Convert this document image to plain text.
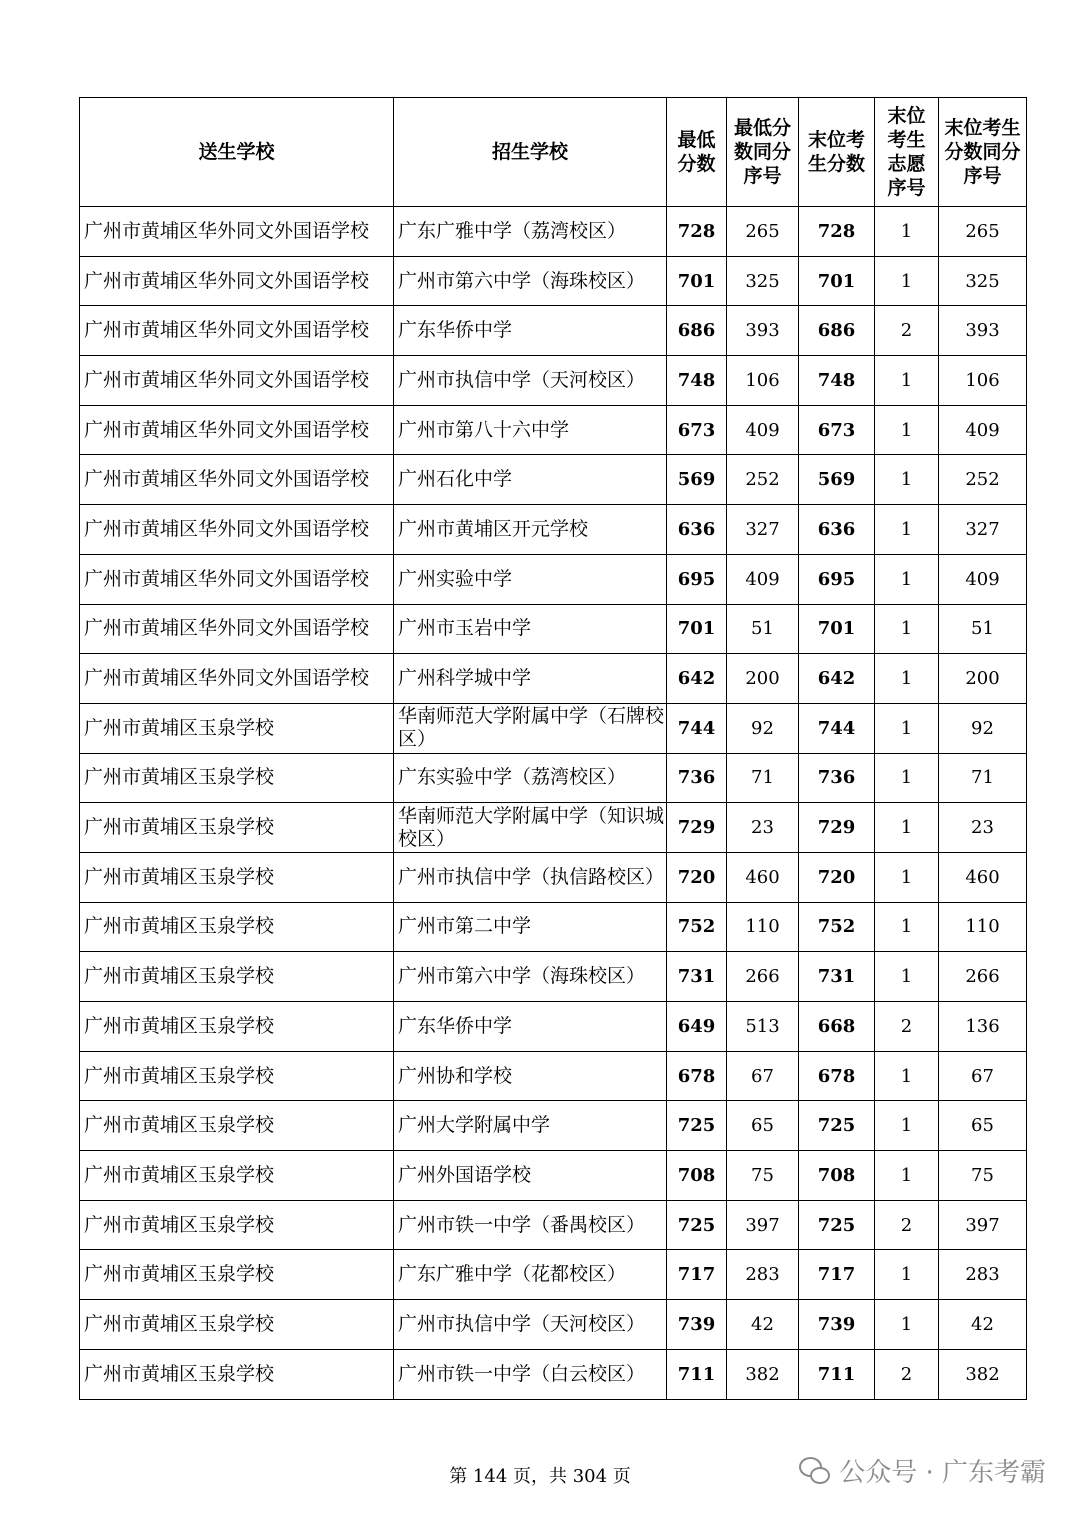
送生学校	招生学校	最低分数	最低分数同分序号	末位考生分数	末位考生志愿序号	末位考生分数同分序号

广州市黄埔区华外同文外国语学校	广东广雅中学（荔湾校区）	728	265	728	1	265
广州市黄埔区华外同文外国语学校	广州市第六中学（海珠校区）	701	325	701	1	325
广州市黄埔区华外同文外国语学校	广东华侨中学	686	393	686	2	393
广州市黄埔区华外同文外国语学校	广州市执信中学（天河校区）	748	106	748	1	106
广州市黄埔区华外同文外国语学校	广州市第八十六中学	673	409	673	1	409
广州市黄埔区华外同文外国语学校	广州石化中学	569	252	569	1	252
广州市黄埔区华外同文外国语学校	广州市黄埔区开元学校	636	327	636	1	327
广州市黄埔区华外同文外国语学校	广州实验中学	695	409	695	1	409
广州市黄埔区华外同文外国语学校	广州市玉岩中学	701	51	701	1	51
广州市黄埔区华外同文外国语学校	广州科学城中学	642	200	642	1	200
广州市黄埔区玉泉学校	华南师范大学附属中学（石牌校区）	744	92	744	1	92
广州市黄埔区玉泉学校	广东实验中学（荔湾校区）	736	71	736	1	71
广州市黄埔区玉泉学校	华南师范大学附属中学（知识城校区）	729	23	729	1	23
广州市黄埔区玉泉学校	广州市执信中学（执信路校区）	720	460	720	1	460
广州市黄埔区玉泉学校	广州市第二中学	752	110	752	1	110
广州市黄埔区玉泉学校	广州市第六中学（海珠校区）	731	266	731	1	266
广州市黄埔区玉泉学校	广东华侨中学	649	513	668	2	136
广州市黄埔区玉泉学校	广州协和学校	678	67	678	1	67
广州市黄埔区玉泉学校	广州大学附属中学	725	65	725	1	65
广州市黄埔区玉泉学校	广州外国语学校	708	75	708	1	75
广州市黄埔区玉泉学校	广州市铁一中学（番禺校区）	725	397	725	2	397
广州市黄埔区玉泉学校	广东广雅中学（花都校区）	717	283	717	1	283
广州市黄埔区玉泉学校	广州市执信中学（天河校区）	739	42	739	1	42
广州市黄埔区玉泉学校	广州市铁一中学（白云校区）	711	382	711	2	382
第 144 页，共 304 页	公众号 · 广东考霸
